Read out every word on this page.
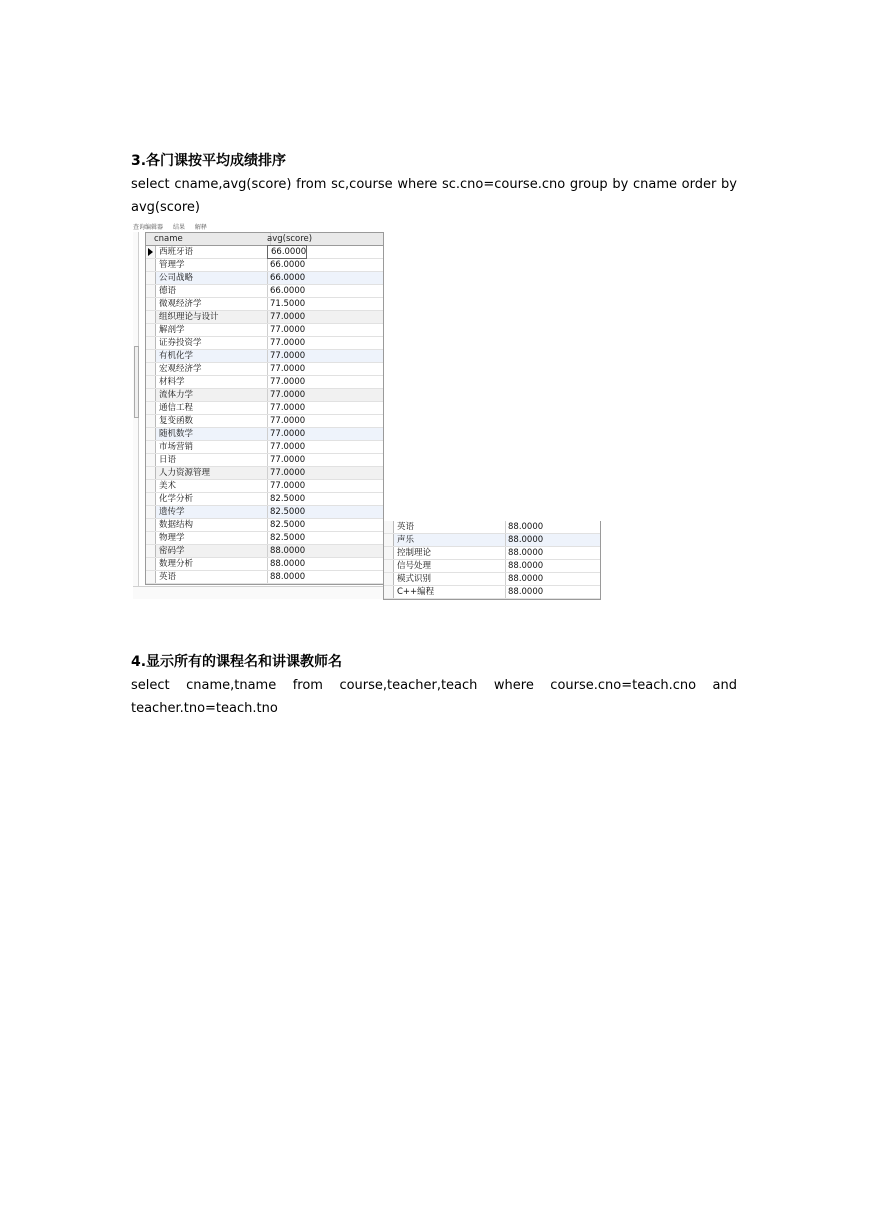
3.各门课按平均成绩排序
select cname,avg(score) from sc,course where sc.cno=course.cno group by cname order by
avg(score)
查询编辑器 结果 解释
cname	avg(score)
西班牙语	66.0000
管理学	66.0000
公司战略	66.0000
德语	66.0000
微观经济学	71.5000
组织理论与设计	77.0000
解剖学	77.0000
证券投资学	77.0000
有机化学	77.0000
宏观经济学	77.0000
材料学	77.0000
流体力学	77.0000
通信工程	77.0000
复变函数	77.0000
随机数学	77.0000
市场营销	77.0000
日语	77.0000
人力资源管理	77.0000
美术	77.0000
化学分析	82.5000
遗传学	82.5000
数据结构	82.5000
物理学	82.5000
密码学	88.0000
数理分析	88.0000
英语	88.0000
英语	88.0000
声乐	88.0000
控制理论	88.0000
信号处理	88.0000
模式识别	88.0000
C++编程	88.0000
4.显示所有的课程名和讲课教师名
select cname,tname from course,teacher,teach where course.cno=teach.cno and
teacher.tno=teach.tno
